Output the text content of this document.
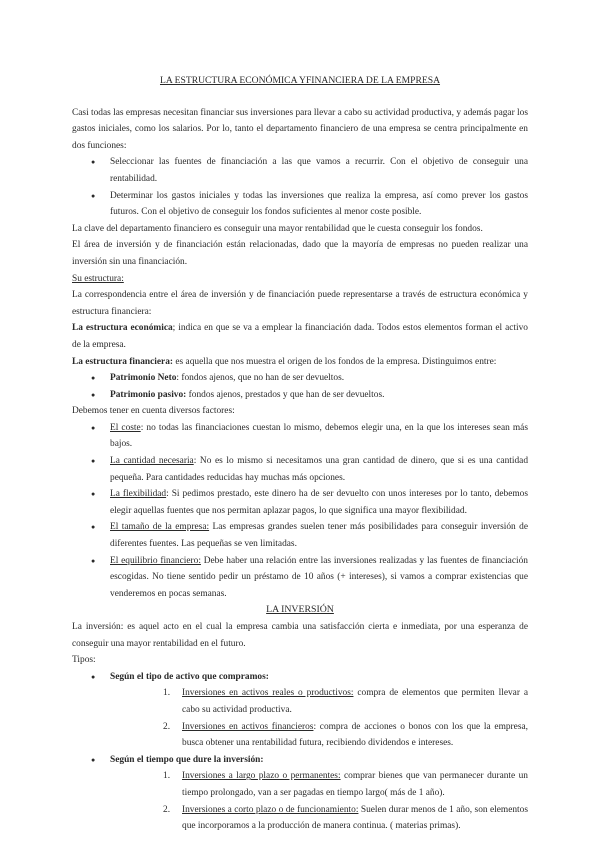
LA ESTRUCTURA ECONÓMICA YFINANCIERA DE LA EMPRESA

Casi todas las empresas necesitan financiar sus inversiones para llevar a cabo su actividad productiva, y además pagar los gastos iniciales, como los salarios. Por lo, tanto el departamento financiero de una empresa se centra principalmente en dos funciones:

● Seleccionar las fuentes de financiación a las que vamos a recurrir. Con el objetivo de conseguir una rentabilidad.
● Determinar los gastos iniciales y todas las inversiones que realiza la empresa, así como prever los gastos futuros. Con el objetivo de conseguir los fondos suficientes al menor coste posible.

La clave del departamento financiero es conseguir una mayor rentabilidad que le cuesta conseguir los fondos.

El área de inversión y de financiación están relacionadas, dado que la mayoría de empresas no pueden realizar una inversión sin una financiación.

Su estructura:

La correspondencia entre el área de inversión y de financiación puede representarse a través de estructura económica y estructura financiera:

La estructura económica; indica en que se va a emplear la financiación dada. Todos estos elementos forman el activo de la empresa.

La estructura financiera: es aquella que nos muestra el origen de los fondos de la empresa. Distinguimos entre:

● Patrimonio Neto: fondos ajenos, que no han de ser devueltos.
● Patrimonio pasivo: fondos ajenos, prestados y que han de ser devueltos.

Debemos tener en cuenta diversos factores:

● El coste: no todas las financiaciones cuestan lo mismo, debemos elegir una, en la que los intereses sean más bajos.
● La cantidad necesaria: No es lo mismo si necesitamos una gran cantidad de dinero, que si es una cantidad pequeña. Para cantidades reducidas hay muchas más opciones.
● La flexibilidad: Si pedimos prestado, este dinero ha de ser devuelto con unos intereses por lo tanto, debemos elegir aquellas fuentes que nos permitan aplazar pagos, lo que significa una mayor flexibilidad.
● El tamaño de la empresa: Las empresas grandes suelen tener más posibilidades para conseguir inversión de diferentes fuentes. Las pequeñas se ven limitadas.
● El equilibrio financiero: Debe haber una relación entre las inversiones realizadas y las fuentes de financiación escogidas. No tiene sentido pedir un préstamo de 10 años (+ intereses), si vamos a comprar existencias que venderemos en pocas semanas.

LA INVERSIÓN

La inversión: es aquel acto en el cual la empresa cambia una satisfacción cierta e inmediata, por una esperanza de conseguir una mayor rentabilidad en el futuro.

Tipos:

● Según el tipo de activo que compramos:
1. Inversiones en activos reales o productivos: compra de elementos que permiten llevar a cabo su actividad productiva.
2. Inversiones en activos financieros: compra de acciones o bonos con los que la empresa, busca obtener una rentabilidad futura, recibiendo dividendos e intereses.
● Según el tiempo que dure la inversión:
1. Inversiones a largo plazo o permanentes: comprar bienes que van permanecer durante un tiempo prolongado, van a ser pagadas en tiempo largo( más de 1 año).
2. Inversiones a corto plazo o de funcionamiento: Suelen durar menos de 1 año, son elementos que incorporamos a la producción de manera continua. ( materias primas).
